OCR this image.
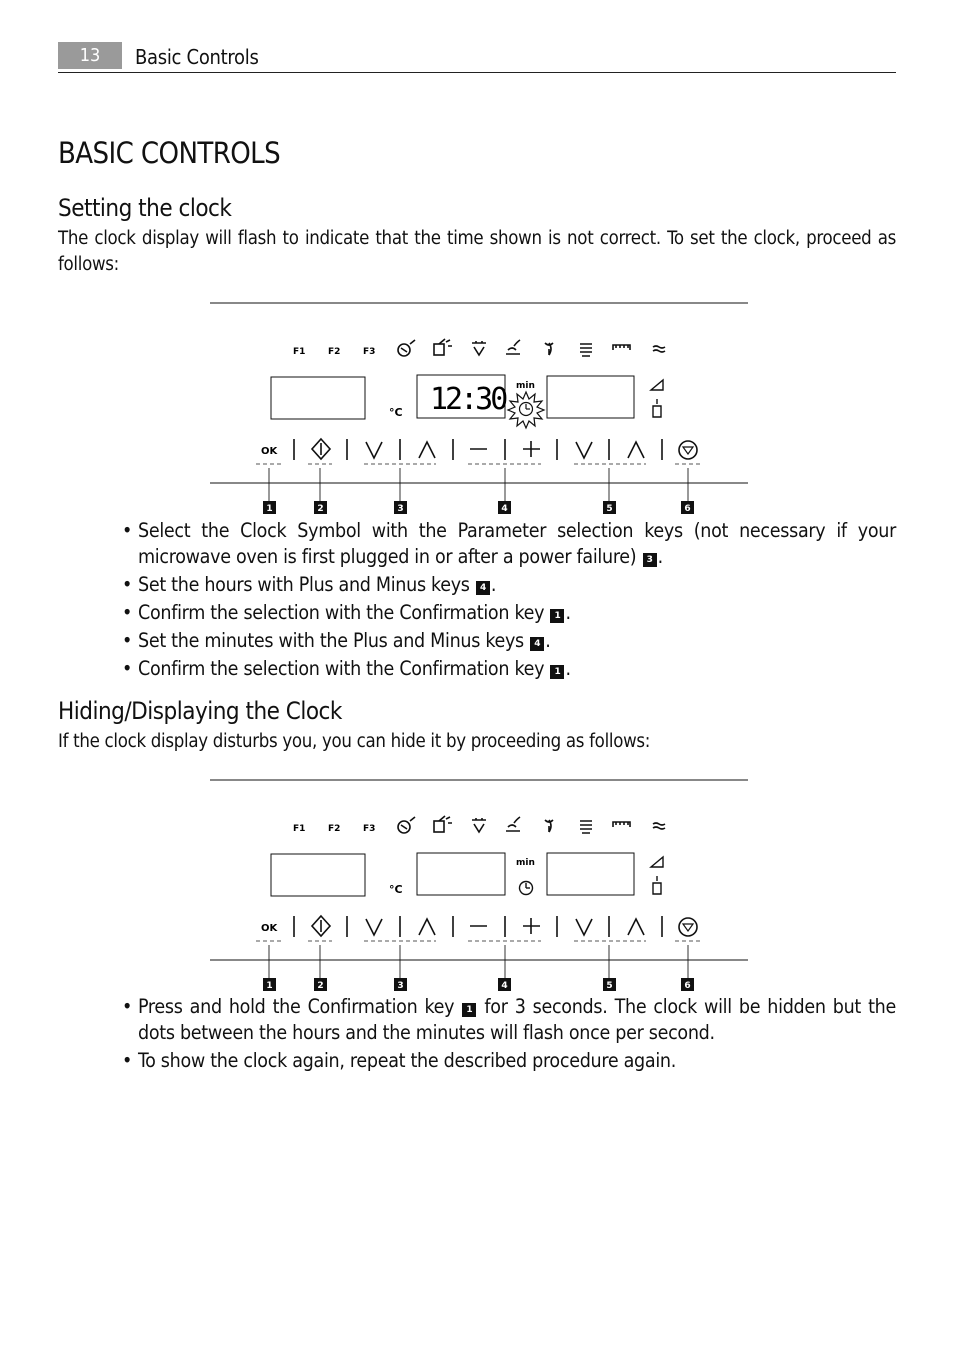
13	Basic Controls
BASIC CONTROLS
Setting the clock
The clock display will flash to indicate that the time shown is not correct. To set the clock, proceed as follows:
F1	F2	F3
°C 12:30 min
OK
1	2	3	4	5	6
• Select the Clock Symbol with the Parameter selection keys (not necessary if your microwave oven is first plugged in or after a power failure) 3 .
• Set the hours with Plus and Minus keys 4 .
• Confirm the selection with the Confirmation key 1 .
• Set the minutes with the Plus and Minus keys 4 .
• Confirm the selection with the Confirmation key 1 .
Hiding/Displaying the Clock
If the clock display disturbs you, you can hide it by proceeding as follows:
F1	F2	F3
°C
min
OK
1	2	3	4	5	6
• Press and hold the Confirmation key 1 for 3 seconds. The clock will be hidden but the dots between the hours and the minutes will flash once per second.
• To show the clock again, repeat the described procedure again.
